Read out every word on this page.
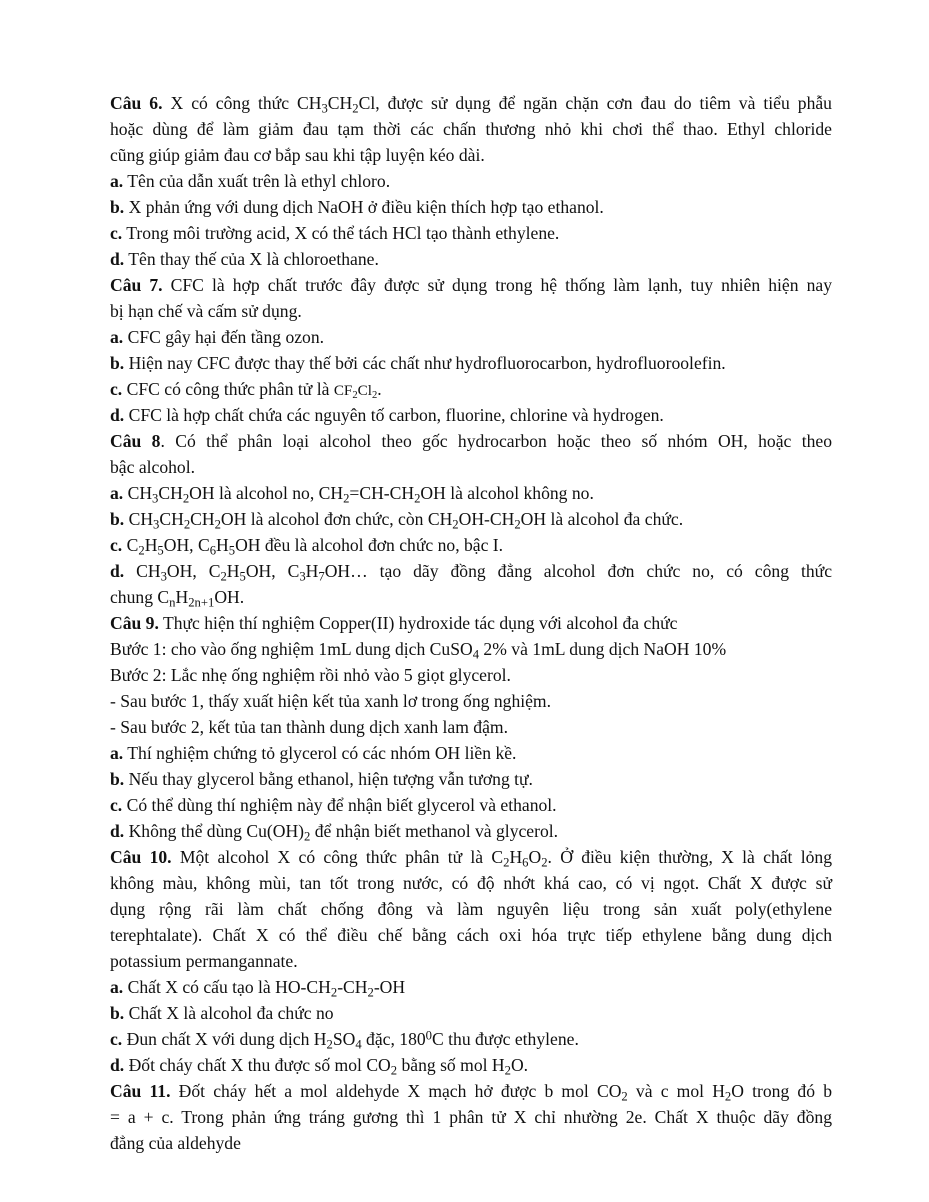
Câu 6. X có công thức $CH_3CH_2Cl$, được sử dụng để ngăn chặn cơn đau do tiêm và tiểu phẫu
hoặc dùng để làm giảm đau tạm thời các chấn thương nhỏ khi chơi thể thao. Ethyl chloride
cũng giúp giảm đau cơ bắp sau khi tập luyện kéo dài.
a. Tên của dẫn xuất trên là ethyl chloro.
b. X phản ứng với dung dịch NaOH ở điều kiện thích hợp tạo ethanol.
c. Trong môi trường acid, X có thể tách HCl tạo thành ethylene.
d. Tên thay thế của X là chloroethane.
Câu 7. CFC là hợp chất trước đây được sử dụng trong hệ thống làm lạnh, tuy nhiên hiện nay
bị hạn chế và cấm sử dụng.
a. CFC gây hại đến tầng ozon.
b. Hiện nay CFC được thay thế bởi các chất như hydrofluorocarbon, hydrofluoroolefin.
c. CFC có công thức phân tử là $CF_2Cl_2$.
d. CFC là hợp chất chứa các nguyên tố carbon, fluorine, chlorine và hydrogen.
Câu 8. Có thể phân loại alcohol theo gốc hydrocarbon hoặc theo số nhóm OH, hoặc theo
bậc alcohol.
a. $CH_3CH_2OH$ là alcohol no, $CH_2=CH-CH_2OH$ là alcohol không no.
b. $CH_3CH_2CH_2OH$ là alcohol đơn chức, còn $CH_2OH-CH_2OH$ là alcohol đa chức.
c. $C_2H_5OH$, $C_6H_5OH$ đều là alcohol đơn chức no, bậc I.
d. $CH_3OH$, $C_2H_5OH$, $C_3H_7OH\dots$ tạo dãy đồng đẳng alcohol đơn chức no, có công thức
chung $C_nH_{2n+1}OH$.
Câu 9. Thực hiện thí nghiệm Copper(II) hydroxide tác dụng với alcohol đa chức
Bước 1: cho vào ống nghiệm 1mL dung dịch CuSO$_4$ 2% và 1mL dung dịch NaOH 10%
Bước 2: Lắc nhẹ ống nghiệm rồi nhỏ vào 5 giọt glycerol.
- Sau bước 1, thấy xuất hiện kết tủa xanh lơ trong ống nghiệm.
- Sau bước 2, kết tủa tan thành dung dịch xanh lam đậm.
a. Thí nghiệm chứng tỏ glycerol có các nhóm OH liền kề.
b. Nếu thay glycerol bằng ethanol, hiện tượng vẫn tương tự.
c. Có thể dùng thí nghiệm này để nhận biết glycerol và ethanol.
d. Không thể dùng $Cu(OH)_2$ để nhận biết methanol và glycerol.
Câu 10. Một alcohol X có công thức phân tử là $C_2H_6O_2$. Ở điều kiện thường, X là chất lỏng
không màu, không mùi, tan tốt trong nước, có độ nhớt khá cao, có vị ngọt. Chất X được sử
dụng rộng rãi làm chất chống đông và làm nguyên liệu trong sản xuất poly(ethylene
terephtalate). Chất X có thể điều chế bằng cách oxi hóa trực tiếp ethylene bằng dung dịch
potassium permangannate.
a. Chất X có cấu tạo là $HO-CH_2-CH_2-OH$
b. Chất X là alcohol đa chức no
c. Đun chất X với dung dịch $H_2SO_4$ đặc, $180^0C$ thu được ethylene.
d. Đốt cháy chất X thu được số mol $CO_2$ bằng số mol $H_2O$.
Câu 11. Đốt cháy hết a mol aldehyde X mạch hở được b mol $CO_2$ và c mol $H_2O$ trong đó b
= a + c. Trong phản ứng tráng gương thì 1 phân tử X chỉ nhường 2e. Chất X thuộc dãy đồng
đẳng của aldehyde
